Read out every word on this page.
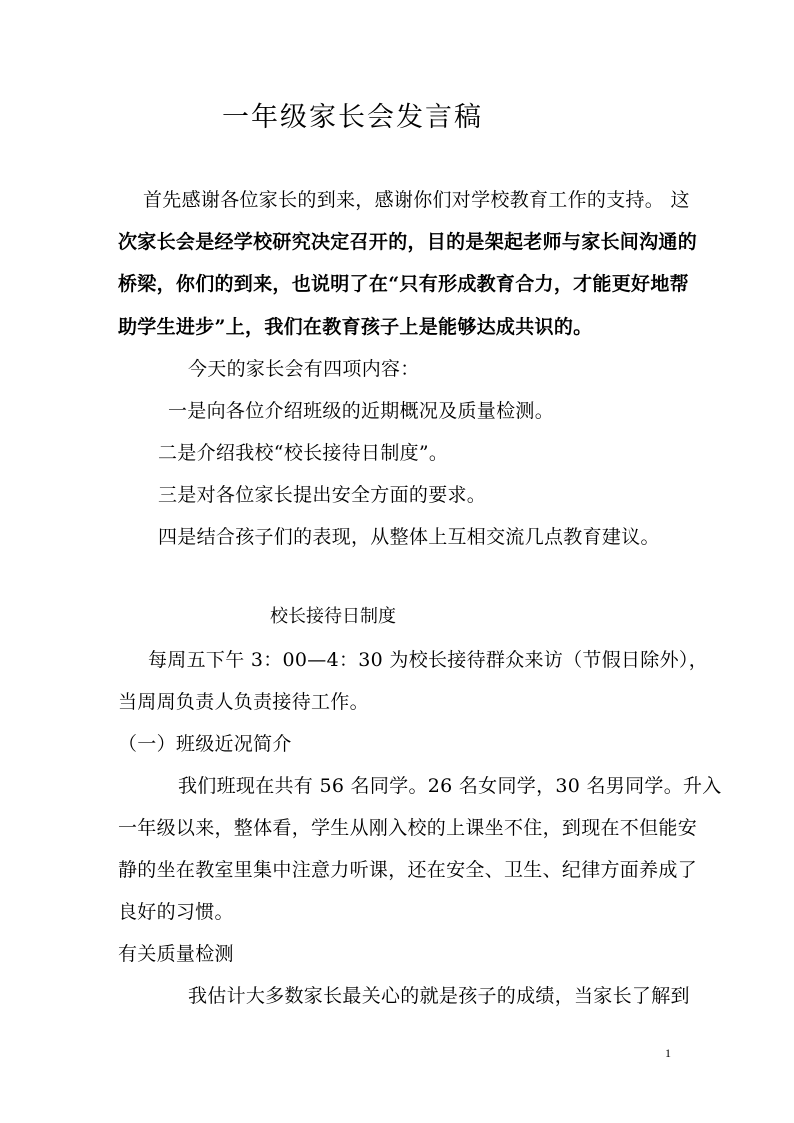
一年级家长会发言稿
首先感谢各位家长的到来，感谢你们对学校教育工作的支持。 这
次家长会是经学校研究决定召开的，目的是架起老师与家长间沟通的
桥梁，你们的到来，也说明了在“只有形成教育合力，才能更好地帮
助学生进步”上，我们在教育孩子上是能够达成共识的。
今天的家长会有四项内容：
一是向各位介绍班级的近期概况及质量检测。
二是介绍我校“校长接待日制度”。
三是对各位家长提出安全方面的要求。
四是结合孩子们的表现，从整体上互相交流几点教育建议。
校长接待日制度
每周五下午 3：00—4：30 为校长接待群众来访（节假日除外），
当周周负责人负责接待工作。
（一）班级近况简介
我们班现在共有 56 名同学。26 名女同学，30 名男同学。升入
一年级以来，整体看，学生从刚入校的上课坐不住，到现在不但能安
静的坐在教室里集中注意力听课，还在安全、卫生、纪律方面养成了
良好的习惯。
有关质量检测
我估计大多数家长最关心的就是孩子的成绩，当家长了解到
1
